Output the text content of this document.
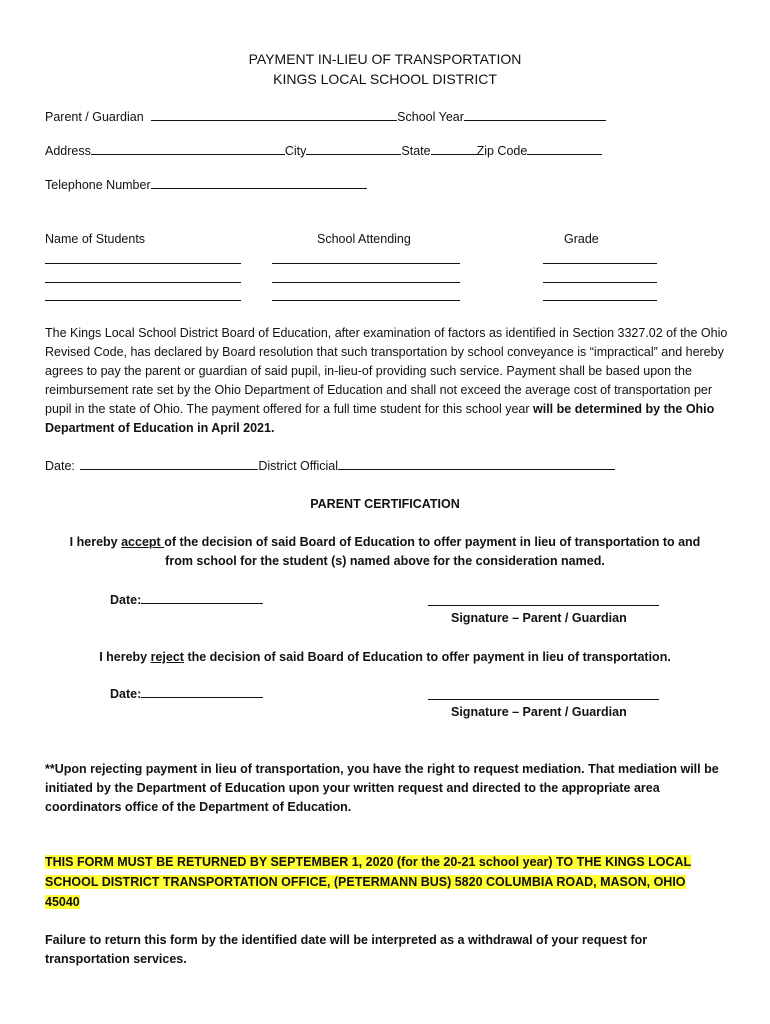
PAYMENT IN-LIEU OF TRANSPORTATION
KINGS LOCAL SCHOOL DISTRICT
Parent / Guardian	School Year
Address	City	State	Zip Code
Telephone Number
Name of Students	School Attending	Grade
The Kings Local School District Board of Education, after examination of factors as identified in Section 3327.02 of the Ohio Revised Code, has declared by Board resolution that such transportation by school conveyance is “impractical” and hereby agrees to pay the parent or guardian of said pupil, in-lieu-of providing such service. Payment shall be based upon the reimbursement rate set by the Ohio Department of Education and shall not exceed the average cost of transportation per pupil in the state of Ohio. The payment offered for a full time student for this school year will be determined by the Ohio Department of Education in April 2021.
Date:	District Official
PARENT CERTIFICATION
I hereby accept of the decision of said Board of Education to offer payment in lieu of transportation to and
from school for the student (s) named above for the consideration named.
Date:
Signature – Parent / Guardian
I hereby reject the decision of said Board of Education to offer payment in lieu of transportation.
Date:
Signature – Parent / Guardian
**Upon rejecting payment in lieu of transportation, you have the right to request mediation. That mediation will be initiated by the Department of Education upon your written request and directed to the appropriate area coordinators office of the Department of Education.
THIS FORM MUST BE RETURNED BY SEPTEMBER 1, 2020 (for the 20-21 school year) TO THE KINGS LOCAL
SCHOOL DISTRICT TRANSPORTATION OFFICE, (PETERMANN BUS) 5820 COLUMBIA ROAD, MASON, OHIO
45040
Failure to return this form by the identified date will be interpreted as a withdrawal of your request for transportation services.
